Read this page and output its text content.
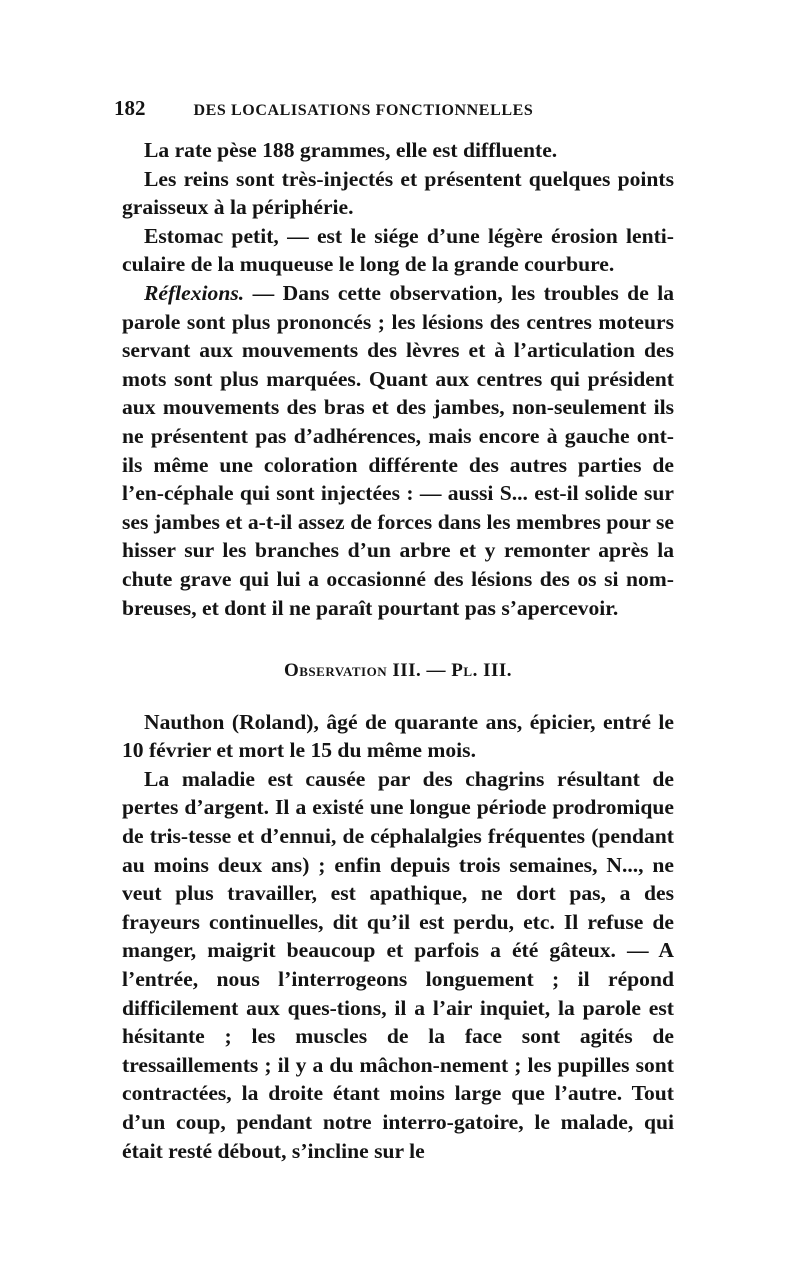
182	DES LOCALISATIONS FONCTIONNELLES

La rate pèse 188 grammes, elle est diffluente.

Les reins sont très-injectés et présentent quelques points graisseux à la périphérie.

Estomac petit, — est le siége d’une légère érosion lenti-culaire de la muqueuse le long de la grande courbure.

Réflexions. — Dans cette observation, les troubles de la parole sont plus prononcés ; les lésions des centres moteurs servant aux mouvements des lèvres et à l’articulation des mots sont plus marquées. Quant aux centres qui président aux mouvements des bras et des jambes, non-seulement ils ne présentent pas d’adhérences, mais encore à gauche ont-ils même une coloration différente des autres parties de l’en-céphale qui sont injectées : — aussi S... est-il solide sur ses jambes et a-t-il assez de forces dans les membres pour se hisser sur les branches d’un arbre et y remonter après la chute grave qui lui a occasionné des lésions des os si nom-breuses, et dont il ne paraît pourtant pas s’apercevoir.

Observation III. — Pl. III.

Nauthon (Roland), âgé de quarante ans, épicier, entré le 10 février et mort le 15 du même mois.

La maladie est causée par des chagrins résultant de pertes d’argent. Il a existé une longue période prodromique de tris-tesse et d’ennui, de céphalalgies fréquentes (pendant au moins deux ans) ; enfin depuis trois semaines, N..., ne veut plus travailler, est apathique, ne dort pas, a des frayeurs continuelles, dit qu’il est perdu, etc. Il refuse de manger, maigrit beaucoup et parfois a été gâteux. — A l’entrée, nous l’interrogeons longuement ; il répond difficilement aux ques-tions, il a l’air inquiet, la parole est hésitante ; les muscles de la face sont agités de tressaillements ; il y a du mâchon-nement ; les pupilles sont contractées, la droite étant moins large que l’autre. Tout d’un coup, pendant notre interro-gatoire, le malade, qui était resté débout, s’incline sur le
